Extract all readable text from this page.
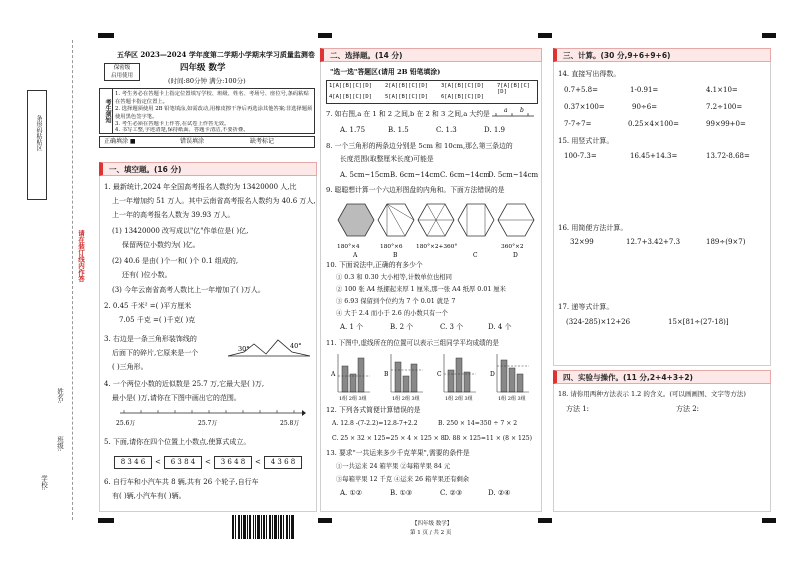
条形码粘贴区
请在装订线内作答
学校:
班级:
姓名:
五华区 2023—2024 学年度第二学期小学期末学习质量监测卷
保密级
启用使用
四年级 数学
(时间:80分钟 满分:100分)
考生须知
1. 考生务必在答题卡上指定位置填写学校、班级、姓名、考场号、座位号,条码粘贴在答题卡指定位置上。
2. 选择题须使用 2B 铅笔填涂,如需改动,用橡皮擦干净后再选涂其他答案;非选择题须使用黑色签字笔。
3. 考生必须在答题卡上作答,在试卷上作答无效。
4. 书写工整,字迹清楚,保持纸面、答题卡清洁,不要折叠。
正确填涂 ■	错误填涂	缺考标记
一、填空题。(16 分)
1. 最新统计,2024 年全国高考报名人数约为 13420000 人,比
上一年增加约 51 万人。其中云南省高考报名人数约为 40.6 万人,
上一年的高考报名人数为 39.93 万人。
(1) 13420000 改写成以"亿"作单位是( )亿,
保留两位小数约为( )亿。
(2) 40.6 是由( )个一和( )个 0.1 组成的,
还有( )位小数。
(3) 今年云南省高考人数比上一年增加了( )万人。
2. 0.45 千米² =( )平方厘米
7.05 千克 =( )千克( )克
3. 右边是一条三角形装饰线的
后面下的碎片,它原来是一个
( )三角形。
30°	40°
4. 一个两位小数的近似数是 25.7 万,它最大是( )万,
最小是( )万,请你在下图中画出它的范围。
25.6万	25.7万	25.8万
5. 下面,请你在四个位置上小数点,使算式成立。
8 3 4 6	<	6 3 8 4	<	3 6 4 8	<	4 3 6 8
6. 自行车和小汽车共 8 辆,共有 26 个轮子,自行车
有( )辆,小汽车有( )辆。
二、选择题。(14 分)
"选一选"答题区(请用 2B 铅笔填涂)
1[A][B][C][D] 2[A][B][C][D] 3[A][B][C][D]
4[A][B][C][D] 5[A][B][C][D] 6[A][B][C][D]
7[A][B][C][D]
7. 如右图,a 在 1 和 2 之间,b 在 2 和 3 之间,a 大约是 a b
A. 1.75	B. 1.5	C. 1.3	D. 1.9
8. 一个三角形的两条边分别是 5cm 和 10cm,那么第三条边的
长度范围(取整厘米长度)可能是
A. 5cm~15cm B. 6cm~14cm C. 6cm~14cm
D. 5cm~14cm
9. 聪聪想计算一个六边形图盘的内角和。下面方法错误的是
180°×4	180°×6 180°×2+360°	360°×2
A	B	C	D
10. 下面说法中,正确的有多少个
① 0.3 和 0.30 大小相等,计数单位也相同
② 100 张 A4 纸摞起来厚 1 厘米,那一张 A4 纸厚 0.01 厘米
③ 6.93 保留到个位约为 7 个 0.01 就是 7
④ 大于 2.4 而小于 2.6 的小数只有一个
A. 1 个	B. 2 个	C. 3 个	D. 4 个
11. 下图中,虚线所在的位置可以表示三组同学平均成绩的是
A	B	C	D
1组 2组 3组	1组 2组 3组	1组 2组 3组	1组 2组 3组
12. 下列各式简便计算错误的是
A. 12.8 -(7-2.2)=12.8-7+2.2	B. 250 × 14=350 ÷ 7 × 2
C. 25 × 32 × 125=25 × 4 × 125 × 8 D. 88 × 125=11 × (8 × 125)
13. 要求"一共运来多少千克苹果",需要的条件是
①一共运来 24 箱苹果 ②每箱苹果 84 元
③每箱苹果 12 千克 ④运来 26 箱苹果还有剩余
A. ①②	B. ①③	C. ②③	D. ②④
【四年级 数学】
第 1 页 / 共 2 页
三、计算。(30 分,9+6+9+6)
14. 直接写出得数。
0.7+5.8=	1-0.91=	4.1×10=
0.37×100=	90÷6=	7.2÷100=
7-7÷7=	0.25×4×100=	99×99+0=
15. 用竖式计算。
100-7.3=	16.45+14.3=	13.72-8.68=
16. 用简便方法计算。
32×99	12.7+3.42+7.3	189÷(9×7)
17. 递等式计算。
(324-285)×12+26	15×[81÷(27-18)]
四、实验与操作。(11 分,2+4+3+2)
18. 请你用两种方法表示 1.2 的含义。(可以画画图、文字等方法)
方法 1:	方法 2:
